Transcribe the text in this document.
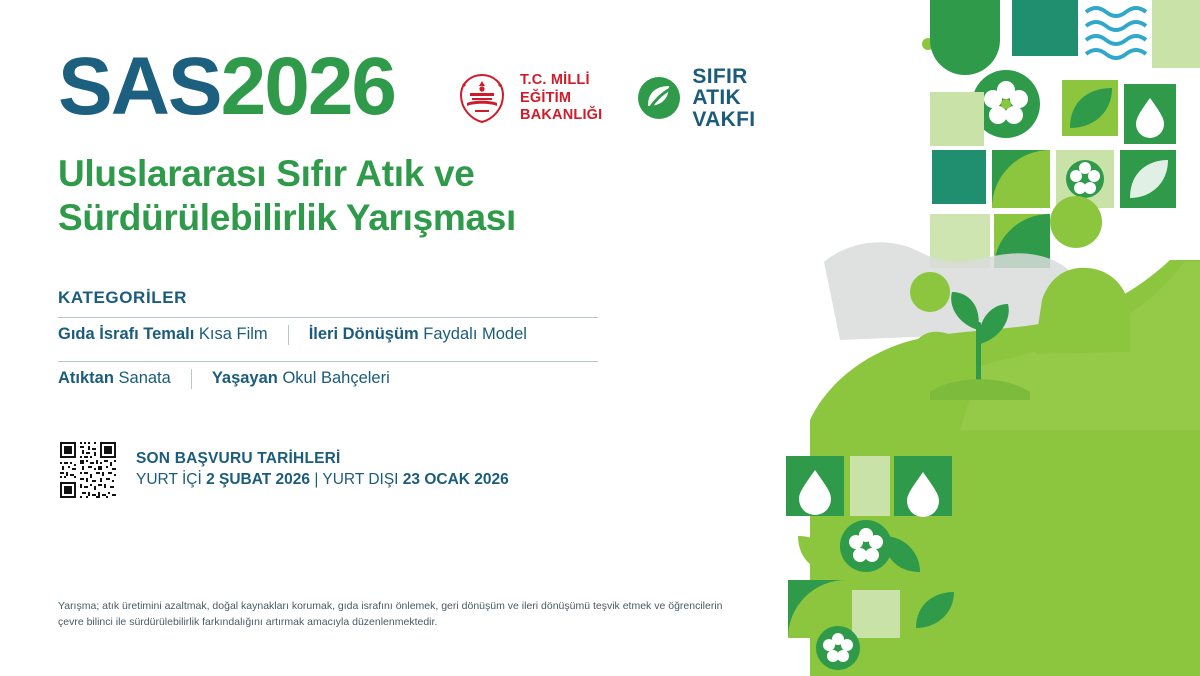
SAS2026	T.C. MİLLİ EĞİTİM
BAKANLIĞI
SIFIR ATIK
VAKFI
Uluslararası Sıfır Atık ve
Sürdürülebilirlik Yarışması
KATEGORİLER
Gıda İsrafı Temalı Kısa Film İleri Dönüşüm Faydalı Model
Atıktan Sanata Yaşayan Okul Bahçeleri
SON BAŞVURU TARİHLERİ
YURT İÇİ 2 ŞUBAT 2026 | YURT DIŞI 23 OCAK 2026
Yarışma; atık üretimini azaltmak, doğal kaynakları korumak, gıda israfını önlemek, geri dönüşüm ve ileri dönüşümü teşvik etmek ve öğrencilerin çevre bilinci ile sürdürülebilirlik farkındalığını artırmak amacıyla düzenlenmektedir.
